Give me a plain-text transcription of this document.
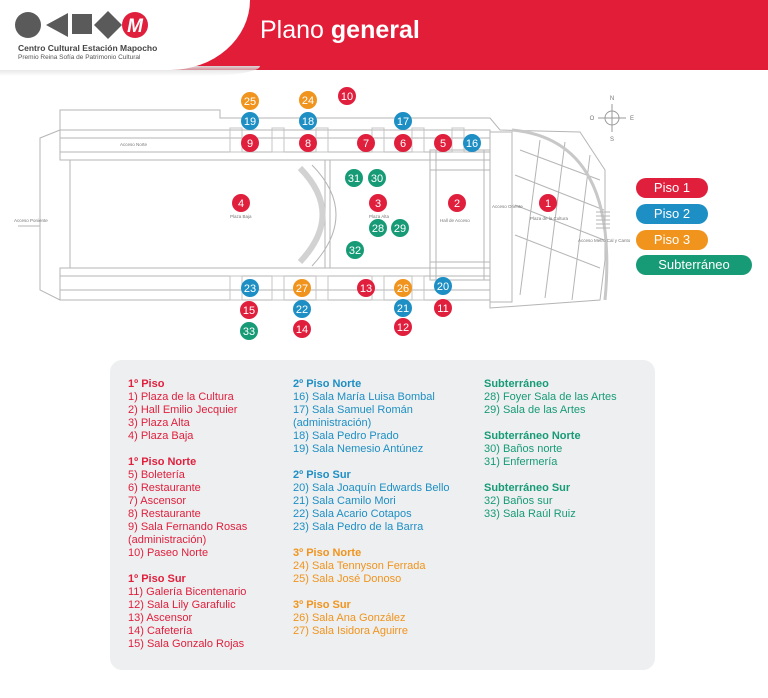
M
Centro Cultural Estación Mapocho
Premio Reina Sofía de Patrimonio Cultural
Plano general
Acceso Norte
Acceso Poniente
Plaza Baja	Plaza Alta
Hall de Acceso	Plaza de la Cultura
Acceso Oriente
Acceso Metro Cal y Canto
N
S
E
O
25	24 10
19	18	17
9	8	7	6	5 16
31 30
4	3	2	1
28 29
32
23	27	13 26	20
15	22	21	11
33	14	12
Piso 1
Piso 2
Piso 3
Subterráneo
1º Piso
1) Plaza de la Cultura
2) Hall Emilio Jecquier
3) Plaza Alta
4) Plaza Baja
1º Piso Norte
5) Boletería
6) Restaurante
7) Ascensor
8) Restaurante
9) Sala Fernando Rosas
(administración)
10) Paseo Norte
1º Piso Sur
11) Galería Bicentenario
12) Sala Lily Garafulic
13) Ascensor
14) Cafetería
15) Sala Gonzalo Rojas
2º Piso Norte
16) Sala María Luisa Bombal
17) Sala Samuel Román
(administración)
18) Sala Pedro Prado
19) Sala Nemesio Antúnez
2º Piso Sur
20) Sala Joaquín Edwards Bello
21) Sala Camilo Mori
22) Sala Acario Cotapos
23) Sala Pedro de la Barra
3º Piso Norte
24) Sala Tennyson Ferrada
25) Sala José Donoso
3º Piso Sur
26) Sala Ana González
27) Sala Isidora Aguirre
Subterráneo
28) Foyer Sala de las Artes
29) Sala de las Artes
Subterráneo Norte
30) Baños norte
31) Enfermería
Subterráneo Sur
32) Baños sur
33) Sala Raúl Ruiz
